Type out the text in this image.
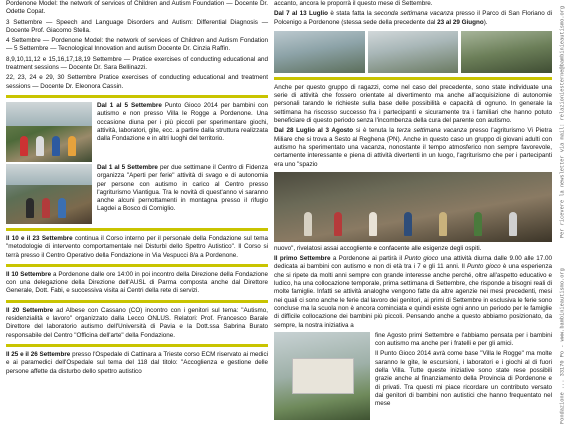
Pordenone Model: the network of services of Children and Autism Foundation — Docente Dr. Odette Copat.

3 Settembre — Speech and Language Disorders and Autism: Differential Diagnosis — Docente Prof. Giacomo Stella.

4 Settembre — Pordenone Model: the network of services of Children and Autism Fondation — 5 Settembre — Tecnological Innovation and autism Docente Dr. Cinzia Raffin.

8,9,10,11,12 e 15,16,17,18,19 Settembre — Pratice exercises of conducting educational and treatment sessions — Docente Dr. Sara Bellinazzi.

22, 23, 24 e 29, 30 Settembre Pratice exercises of conducting educational and treatment sessions — Docente Dr. Eleonora Cassin.

Dal 1 al 5 Settembre Punto Gioco 2014 per bambini con autismo e non presso Villa le Rogge a Pordenone. Una occasione diuna per i più piccoli per sperimentare giochi, attività, laboratori, gite, ecc. a partire dalla struttura realizzata dalla Fondazione e in altri luoghi del territorio.
Dal 1 al 5 Settembre per due settimane il Centro di Fidenza organizza "Aperti per ferie" attività di svago e di autonomia per persone con autismo in carico al Centro presso l'agriturismo Viantigua. Tra le novità di quest'anno vi saranno anche alcuni pernottamenti in montagna presso il rifugio Lagdei a Bosco di Corniglio.

Il 10 e il 23 Settembre continua il Corso interno per il personale della Fondazione sul tema "metodologie di intervento comportamentale nei Disturbi dello Spettro Autistico". Il Corso si terrà presso il Centro Operativo della Fondazione in Via Vespucci 8/a a Pordenone.

Il 10 Settembre a Pordenone dalle ore 14:00 in poi incontro della Direzione della Fondazione con una delegazione della Direzione dell'AUSL di Parma composta anche dal Direttore Generale, Dott. Fabi, e successiva visita ai Centri della rete di servizi.

Il 20 Settembre ad Albese con Cassano (CO) incontro con i genitori sul tema: "Autismo, residenzialità e lavoro" organizzato dalla Lecco ONLUS. Relatori: Prof. Francesco Barale Direttore del laboratorio autismo dell'Università di Pavia e la Dott.ssa Sabrina Burato responsabile del Centro "Officina dell'arte" della Fondazione.

Il 25 e il 26 Settembre presso l'Ospedale di Cattinara a Trieste corso ECM riservato ai medici e ai paramedici dell'Ospedale sul tema del 118 dal titolo: "Accoglienza e gestione delle persone affette da disturbo dello spettro autistico

accanto, ancora le proporrà il questo mese di Settembre.

Dal 7 al 13 Luglio è stata fatta la seconda settimana vacanza presso il Parco di San Floriano di Polcenigo a Pordenone (stessa sede della precedente dal 23 al 29 Giugno).

Anche per questo gruppo di ragazzi, come nel caso del precedente, sono state individuate una serie di attività che fossero orientate al divertimento ma anche all'acquisizione di autonomie personali tarando le richieste sulla base delle possibilità e capacità di ognuno. In generale la settimana ha riscosso successo fra i partecipanti e sicuramente tra i familiari che hanno potuto beneficiare di questo periodo senza l'incombenza della cura del parente con autismo.

Dal 28 Luglio al 3 Agosto si è tenuta la terza settimana vacanza presso l'agriturismo Vi Pietra Miliare che si trova a Sesto al Reghena (PN). Anche in questo caso un gruppo di giovani adulti con autismo ha sperimentato una vacanza, nonostante il tempo atmosferico non sempre favorevole, certamente interessante e piena di attività divertenti in un luogo, l'agriturismo che per i partecipanti era uno "spazio

nuovo", rivelatosi assai accogliente e confacente alle esigenze degli ospiti.

Il primo Settembre a Pordenone ai partirà il Punto gioco una attività diurna dalle 9.00 alle 17.00 dedicata ai bambini con autismo e non di età tra i 7 e gli 11 anni. Il Punto gioco è una esperienza che si ripete da molti anni sempre con grande interesse anche perché, oltre all'aspetto educativo e ludico, ha una collocazione temporale, prima settimana di Settembre, che risponde a bisogni reali di molte famiglie. Infatti se attività analoghe vengono fatte da altre agenzie nei mesi precedenti, mesi nei quali ci sono anche le ferie dal lavoro dei genitori, ai primi di Settembre in esclusiva le ferie sono concluse ma la scuola non è ancora cominciata e quindi esiste ogni anno un periodo per le famiglie di difficile collocazione dei bambini più piccoli. Pensando anche a questo abbiamo posizionato, da sempre, la nostra iniziativa a

fine Agosto primi Settembre e l'abbiamo pensata per i bambini con autismo ma anche per i fratelli e per gli amici.

Il Punto Gioco 2014 avrà come base "Villa le Rogge" ma molte saranno le gite, le escursioni, i laboratori e i giochi al di fuori della Villa. Tutte queste iniziative sono state rese possibili grazie anche al finanziamento della Provincia di Pordenone e di privati. Tra questi mi piace ricordare un contributo versato dai genitori di bambini non autistici che hanno frequentato nel mese	Fondazione ... 33170 Po - www.bambinieautismo.org
Per ricevere la newsletter via mail: relazioniesterne@bambinieautismo.org
